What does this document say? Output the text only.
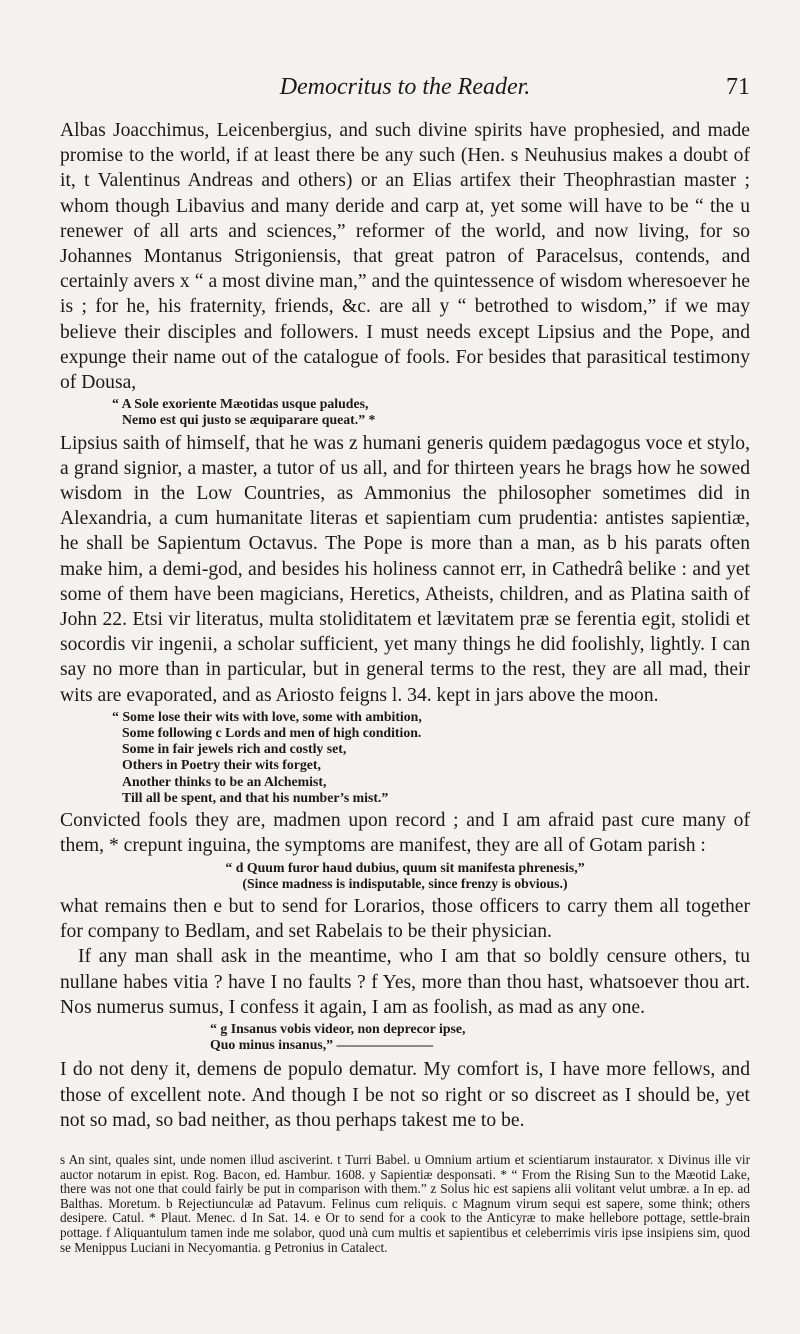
Democritus to the Reader.	71

Albas Joacchimus, Leicenbergius, and such divine spirits have prophesied, and made promise to the world, if at least there be any such (Hen. s Neuhusius makes a doubt of it, t Valentinus Andreas and others) or an Elias artifex their Theophrastian master ; whom though Libavius and many deride and carp at, yet some will have to be “ the u renewer of all arts and sciences,” reformer of the world, and now living, for so Johannes Montanus Strigoniensis, that great patron of Paracelsus, contends, and certainly avers x “ a most divine man,” and the quintessence of wisdom wheresoever he is ; for he, his fraternity, friends, &c. are all y “ betrothed to wisdom,” if we may believe their disciples and followers. I must needs except Lipsius and the Pope, and expunge their name out of the catalogue of fools. For besides that parasitical testimony of Dousa,

“ A Sole exoriente Mæotidas usque paludes,
Nemo est qui justo se æquiparare queat.” *

Lipsius saith of himself, that he was z humani generis quidem pædagogus voce et stylo, a grand signior, a master, a tutor of us all, and for thirteen years he brags how he sowed wisdom in the Low Countries, as Ammonius the philosopher sometimes did in Alexandria, a cum humanitate literas et sapientiam cum prudentia: antistes sapientiæ, he shall be Sapientum Octavus. The Pope is more than a man, as b his parats often make him, a demi-god, and besides his holiness cannot err, in Cathedrâ belike : and yet some of them have been magicians, Heretics, Atheists, children, and as Platina saith of John 22. Etsi vir literatus, multa stoliditatem et lævitatem præ se ferentia egit, stolidi et socordis vir ingenii, a scholar sufficient, yet many things he did foolishly, lightly. I can say no more than in particular, but in general terms to the rest, they are all mad, their wits are evaporated, and as Ariosto feigns l. 34. kept in jars above the moon.

“ Some lose their wits with love, some with ambition,
Some following c Lords and men of high condition.
Some in fair jewels rich and costly set,
Others in Poetry their wits forget,
Another thinks to be an Alchemist,
Till all be spent, and that his number’s mist.”

Convicted fools they are, madmen upon record ; and I am afraid past cure many of them, * crepunt inguina, the symptoms are manifest, they are all of Gotam parish :

“ d Quum furor haud dubius, quum sit manifesta phrenesis,”
(Since madness is indisputable, since frenzy is obvious.)

what remains then e but to send for Lorarios, those officers to carry them all together for company to Bedlam, and set Rabelais to be their physician.

If any man shall ask in the meantime, who I am that so boldly censure others, tu nullane habes vitia ? have I no faults ? f Yes, more than thou hast, whatsoever thou art. Nos numerus sumus, I confess it again, I am as foolish, as mad as any one.

“ g Insanus vobis videor, non deprecor ipse,
Quo minus insanus,” ———————

I do not deny it, demens de populo dematur. My comfort is, I have more fellows, and those of excellent note. And though I be not so right or so discreet as I should be, yet not so mad, so bad neither, as thou perhaps takest me to be.

s An sint, quales sint, unde nomen illud asciverint. t Turri Babel. u Omnium artium et scientiarum instaurator. x Divinus ille vir auctor notarum in epist. Rog. Bacon, ed. Hambur. 1608. y Sapientiæ desponsati. * “ From the Rising Sun to the Mæotid Lake, there was not one that could fairly be put in comparison with them.” z Solus hic est sapiens alii volitant velut umbræ. a In ep. ad Balthas. Moretum. b Rejectiunculæ ad Patavum. Felinus cum reliquis. c Magnum virum sequi est sapere, some think; others desipere. Catul. * Plaut. Menec. d In Sat. 14. e Or to send for a cook to the Anticyræ to make hellebore pottage, settle-brain pottage. f Aliquantulum tamen inde me solabor, quod unà cum multis et sapientibus et celeberrimis viris ipse insipiens sim, quod se Menippus Luciani in Necyomantia. g Petronius in Catalect.
